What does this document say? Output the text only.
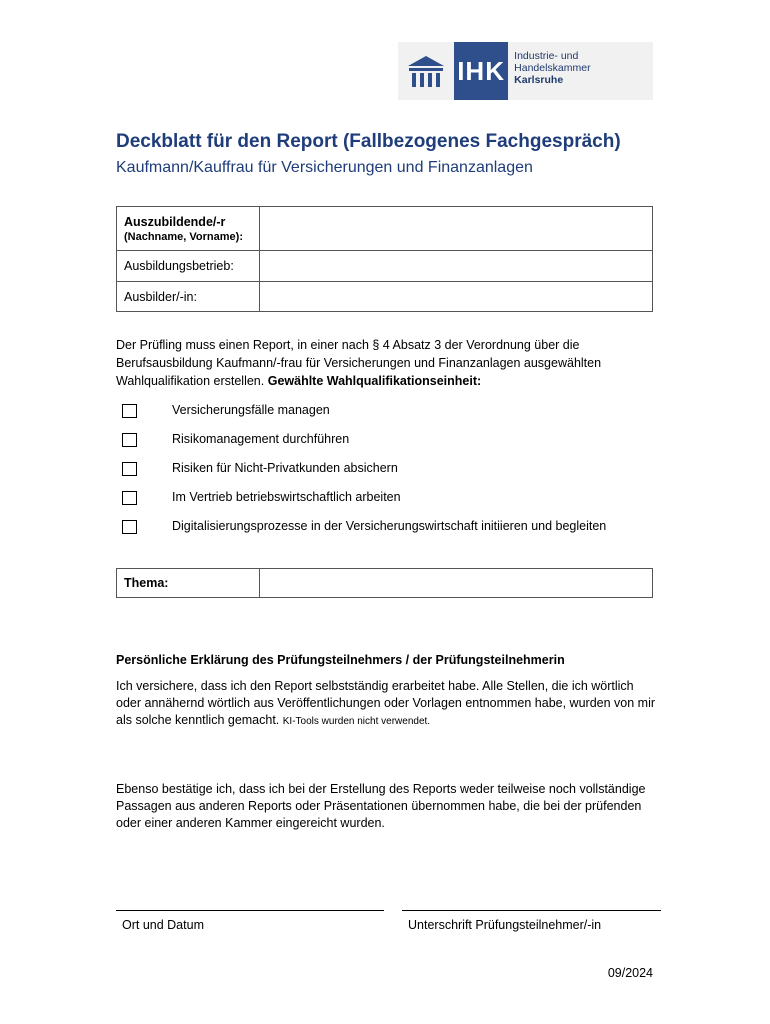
IHK Industrie- und Handelskammer
Karlsruhe
Deckblatt für den Report (Fallbezogenes Fachgespräch)
Kaufmann/Kauffrau für Versicherungen und Finanzanlagen
Auszubildende/-r
(Nachname, Vorname):	

Ausbildungsbetrieb:	
Ausbilder/-in:	
Der Prüfling muss einen Report, in einer nach § 4 Absatz 3 der Verordnung über die Berufsausbildung Kaufmann/-frau für Versicherungen und Finanzanlagen ausgewählten Wahlqualifikation erstellen. Gewählte Wahlqualifikationseinheit:
Versicherungsfälle managen
Risikomanagement durchführen
Risiken für Nicht-Privatkunden absichern
Im Vertrieb betriebswirtschaftlich arbeiten
Digitalisierungsprozesse in der Versicherungswirtschaft initiieren und begleiten
Thema:	
Persönliche Erklärung des Prüfungsteilnehmers / der Prüfungsteilnehmerin
Ich versichere, dass ich den Report selbstständig erarbeitet habe. Alle Stellen, die ich wörtlich oder annähernd wörtlich aus Veröffentlichungen oder Vorlagen entnommen habe, wurden von mir als solche kenntlich gemacht. KI-Tools wurden nicht verwendet.
Ebenso bestätige ich, dass ich bei der Erstellung des Reports weder teilweise noch vollständige Passagen aus anderen Reports oder Präsentationen übernommen habe, die bei der prüfenden oder einer anderen Kammer eingereicht wurden.
Ort und Datum	Unterschrift Prüfungsteilnehmer/-in
09/2024
